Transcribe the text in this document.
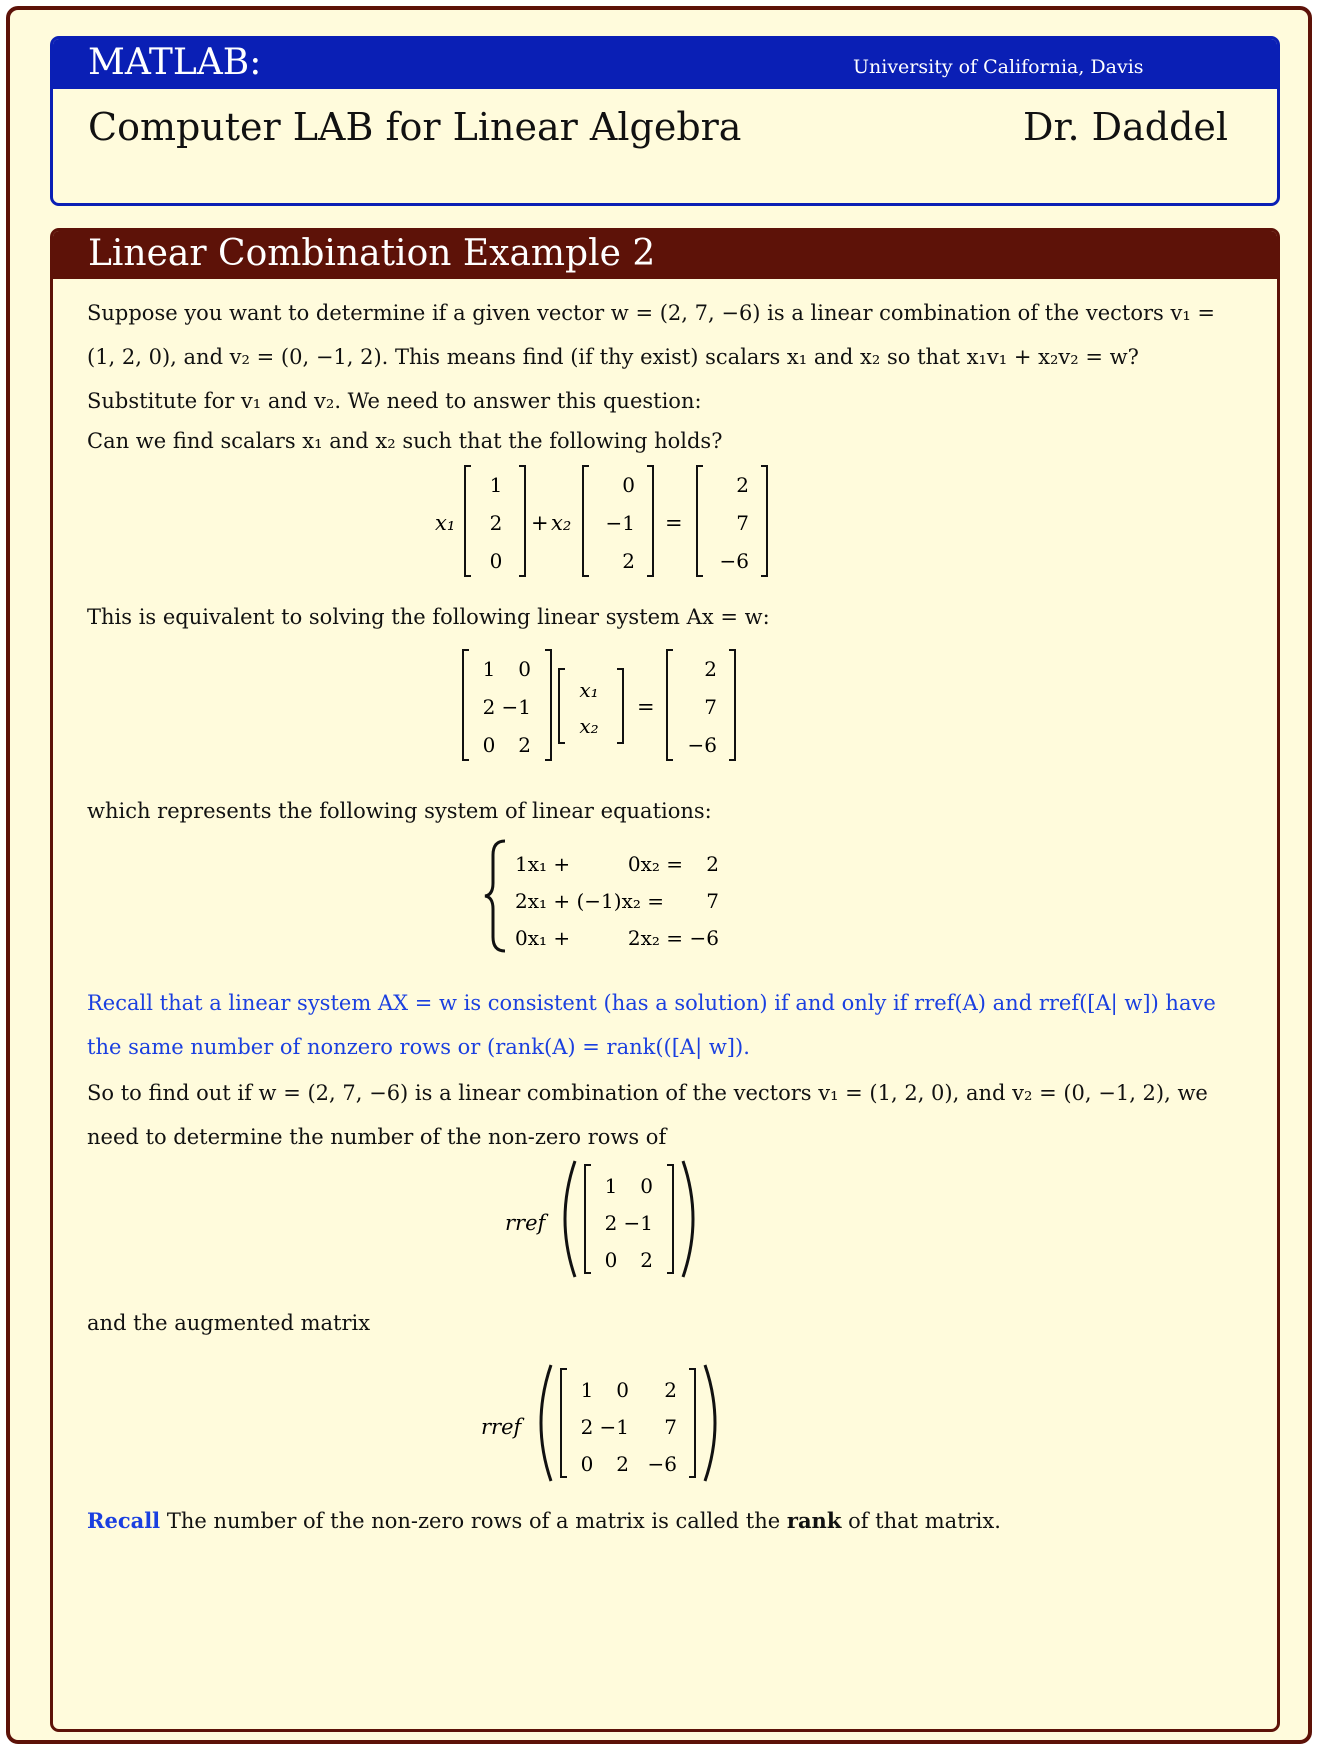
MATLAB:	University of California, Davis
Computer LAB for Linear Algebra	Dr. Daddel
Linear Combination Example 2
Suppose you want to determine if a given vector w = (2, 7, −6) is a linear combination of the vectors v₁ = (1, 2, 0), and v₂ = (0, −1, 2). This means find (if thy exist) scalars x₁ and x₂ so that x₁v₁ + x₂v₂ = w? Substitute for v₁ and v₂. We need to answer this question:
Can we find scalars x₁ and x₂ such that the following holds?
x₁
1
2
0
+ x₂
0
−1
2
=
2
7
−6
This is equivalent to solving the following linear system Ax = w:
1 0
2 −1
0 2
x₁
x₂
=
2
7
−6
which represents the following system of linear equations:
1x₁ +	0x₂ = 2
2x₁ + (−1)x₂ = 7
0x₁ +	2x₂ = −6
Recall that a linear system AX = w is consistent (has a solution) if and only if rref(A) and rref([A| w]) have the same number of nonzero rows or (rank(A) = rank(([A| w]).
So to find out if w = (2, 7, −6) is a linear combination of the vectors v₁ = (1, 2, 0), and v₂ = (0, −1, 2), we need to determine the number of the non-zero rows of
rref
1 0
2 −1
0 2
and the augmented matrix
rref
1 0 2
2 −1 7
0 2 −6
Recall The number of the non-zero rows of a matrix is called the rank of that matrix.
